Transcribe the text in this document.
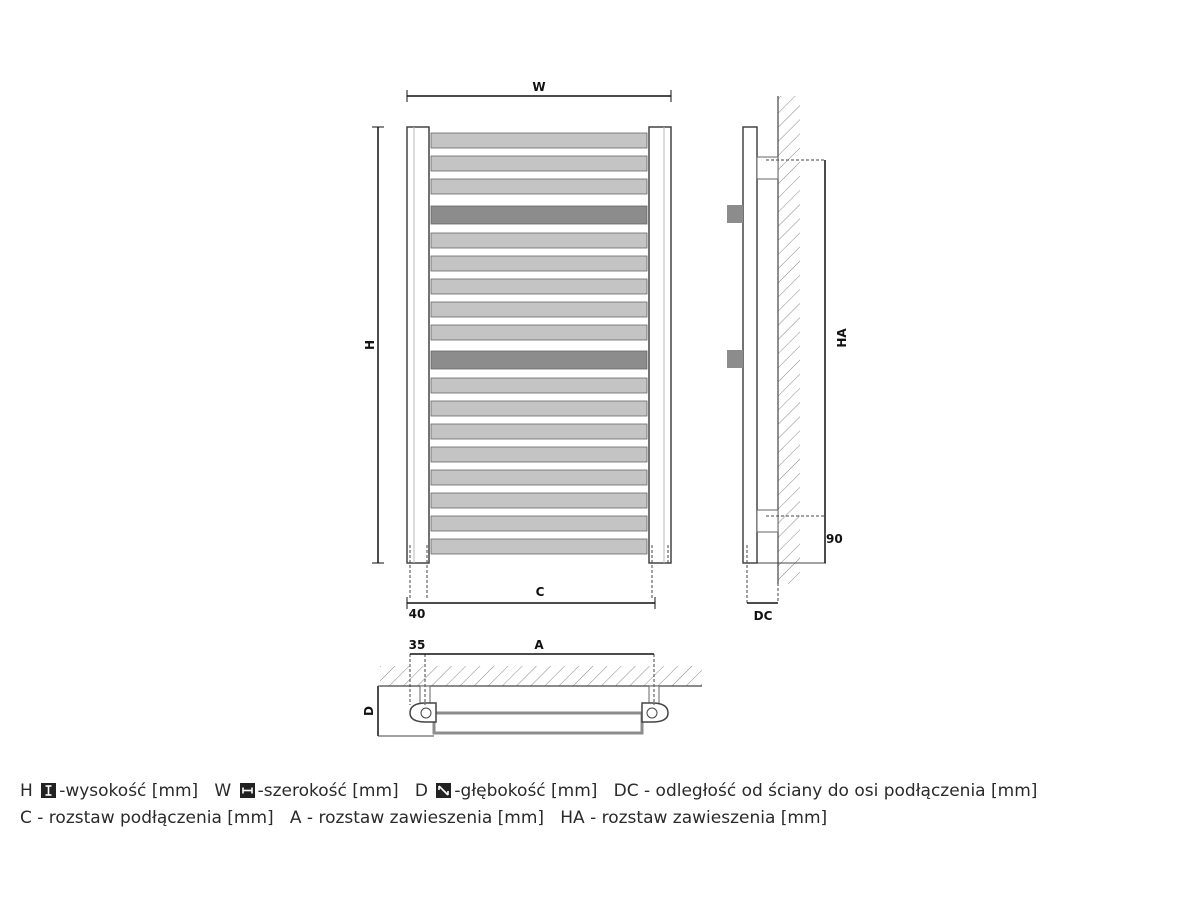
W
H
C
40
HA
90
DC
A
35
D
H -wysokość [mm] W -szerokość [mm] D -głębokość [mm] DC - odległość od ściany do osi podłączenia [mm]
C - rozstaw podłączenia [mm] A - rozstaw zawieszenia [mm] HA - rozstaw zawieszenia [mm]
